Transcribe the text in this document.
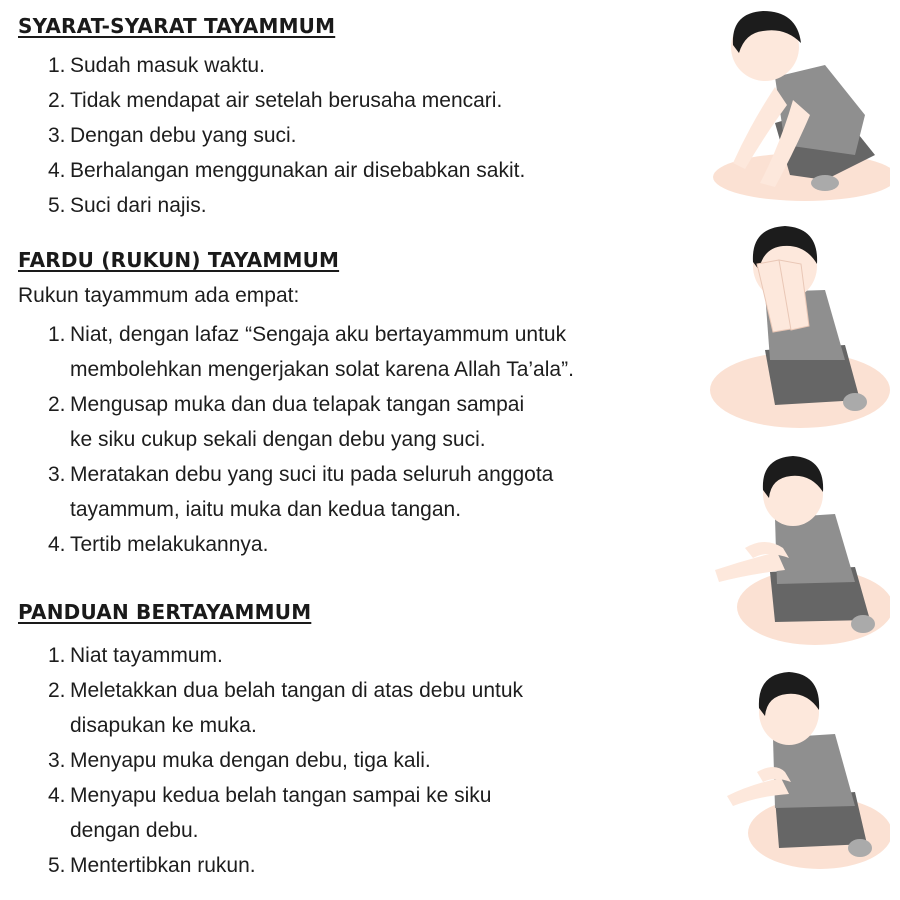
SYARAT-SYARAT TAYAMMUM
1. Sudah masuk waktu.
2. Tidak mendapat air setelah berusaha mencari.
3. Dengan debu yang suci.
4. Berhalangan menggunakan air disebabkan sakit.
5. Suci dari najis.
FARDU (RUKUN) TAYAMMUM
Rukun tayammum ada empat:
1. Niat, dengan lafaz “Sengaja aku bertayammum untuk
membolehkan mengerjakan solat karena Allah Ta’ala”.
2. Mengusap muka dan dua telapak tangan sampai
ke siku cukup sekali dengan debu yang suci.
3. Meratakan debu yang suci itu pada seluruh anggota
tayammum, iaitu muka dan kedua tangan.
4. Tertib melakukannya.
PANDUAN BERTAYAMMUM
1. Niat tayammum.
2. Meletakkan dua belah tangan di atas debu untuk
disapukan ke muka.
3. Menyapu muka dengan debu, tiga kali.
4. Menyapu kedua belah tangan sampai ke siku
dengan debu.
5. Mentertibkan rukun.
